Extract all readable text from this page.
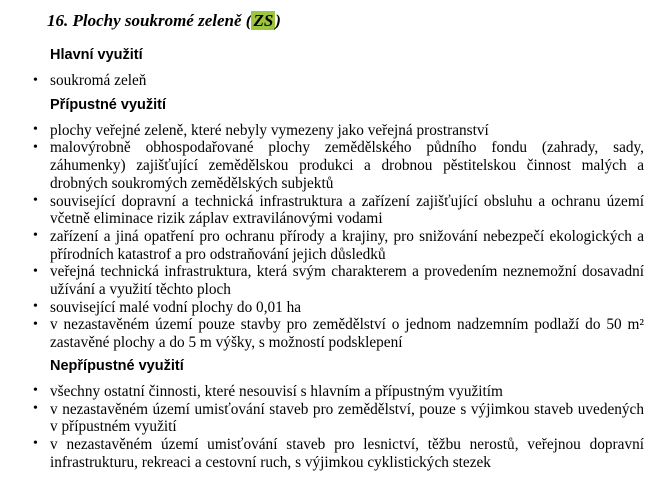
16. Plochy soukromé zeleně ( ZS )
Hlavní využití
• soukromá zeleň
Přípustné využití
• plochy veřejné zeleně, které nebyly vymezeny jako veřejná prostranství
• malovýrobně obhospodařované plochy zemědělského půdního fondu (zahrady, sady, záhumenky) zajišťující zemědělskou produkci a drobnou pěstitelskou činnost malých a drobných soukromých zemědělských subjektů
• související dopravní a technická infrastruktura a zařízení zajišťující obsluhu a ochranu území včetně eliminace rizik záplav extravilánovými vodami
• zařízení a jiná opatření pro ochranu přírody a krajiny, pro snižování nebezpečí ekologických a přírodních katastrof a pro odstraňování jejich důsledků
• veřejná technická infrastruktura, která svým charakterem a provedením neznemožní dosavadní užívání a využití těchto ploch
• související malé vodní plochy do 0,01 ha
• v nezastavěném území pouze stavby pro zemědělství o jednom nadzemním podlaží do 50 m² zastavěné plochy a do 5 m výšky, s možností podsklepení
Nepřípustné využití
• všechny ostatní činnosti, které nesouvisí s hlavním a přípustným využitím
• v nezastavěném území umisťování staveb pro zemědělství, pouze s výjimkou staveb uvedených v přípustném využití
• v nezastavěném území umisťování staveb pro lesnictví, těžbu nerostů, veřejnou dopravní infrastrukturu, rekreaci a cestovní ruch, s výjimkou cyklistických stezek
